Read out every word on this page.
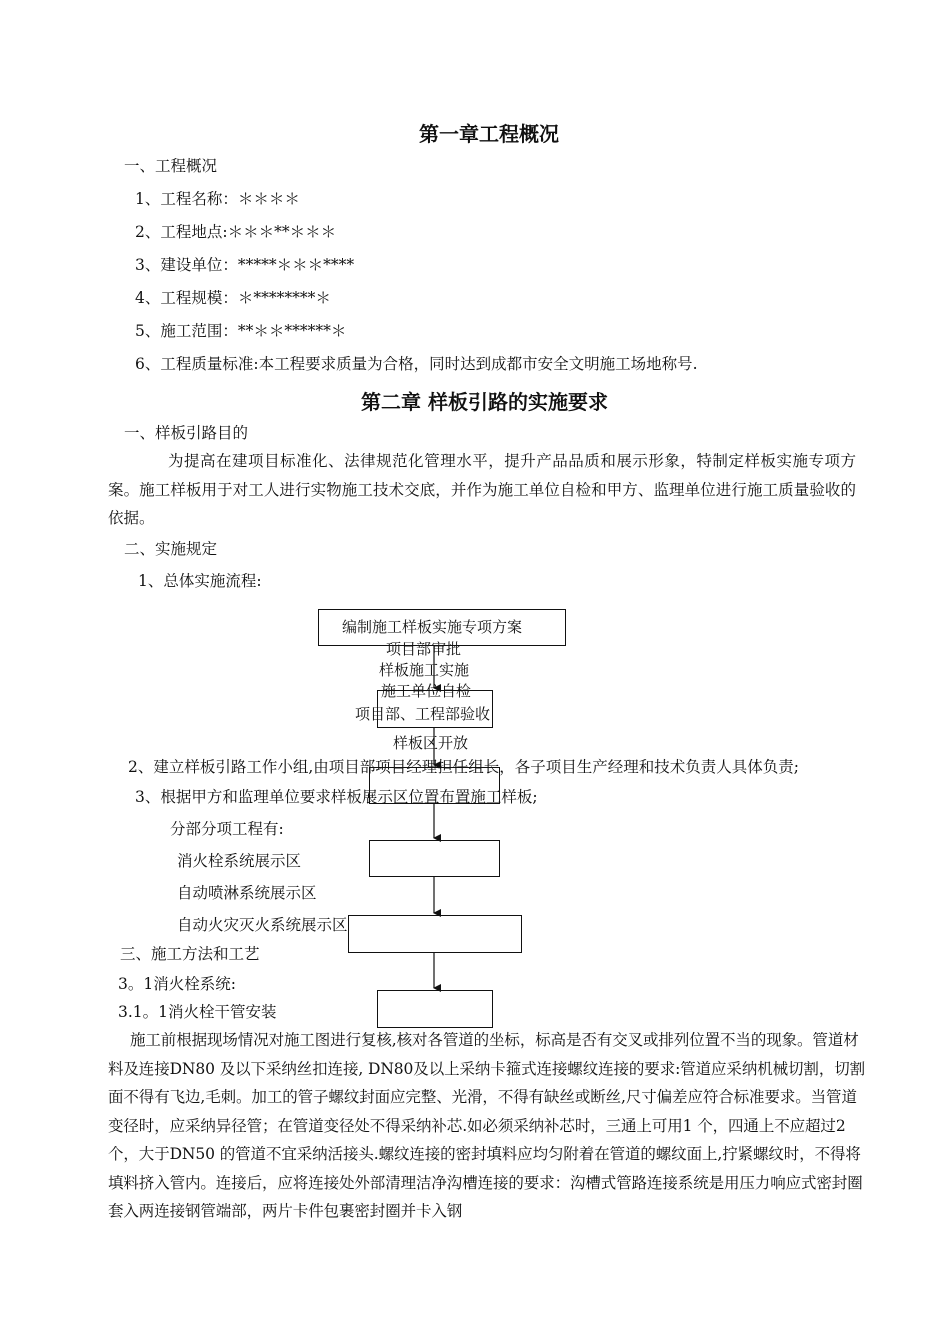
第一章工程概况
一、工程概况
1、工程名称：＊＊＊＊
2、工程地点:＊＊＊**＊＊＊
3、建设单位：*****＊＊＊****
4、工程规模：＊********＊
5、施工范围：**＊＊******＊
6、工程质量标准:本工程要求质量为合格，同时达到成都市安全文明施工场地称号.
第二章 样板引路的实施要求
一、样板引路目的
为提高在建项目标准化、法律规范化管理水平，提升产品品质和展示形象，特制定样板实施专项方案。施工样板用于对工人进行实物施工技术交底，并作为施工单位自检和甲方、监理单位进行施工质量验收的依据。
二、实施规定
1、总体实施流程:
编制施工样板实施专项方案
项目部审批
样板施工实施
施工单位自检
项目部、工程部验收
样板区开放
2、建立样板引路工作小组,由项目部项目经理担任组长，各子项目生产经理和技术负责人具体负责;
3、根据甲方和监理单位要求样板展示区位置布置施工样板;
分部分项工程有:
消火栓系统展示区
自动喷淋系统展示区
自动火灾灭火系统展示区
三、施工方法和工艺
3。1消火栓系统:
3.1。1消火栓干管安装
施工前根据现场情况对施工图进行复核,核对各管道的坐标，标高是否有交叉或排列位置不当的现象。管道材料及连接DN80 及以下采纳丝扣连接, DN80及以上采纳卡箍式连接螺纹连接的要求:管道应采纳机械切割，切割面不得有飞边,毛刺。加工的管子螺纹封面应完整、光滑，不得有缺丝或断丝,尺寸偏差应符合标准要求。当管道变径时，应采纳异径管；在管道变径处不得采纳补芯.如必须采纳补芯时，三通上可用1 个，四通上不应超过2 个，大于DN50 的管道不宜采纳活接头.螺纹连接的密封填料应均匀附着在管道的螺纹面上,拧紧螺纹时，不得将填料挤入管内。连接后，应将连接处外部清理洁净沟槽连接的要求：沟槽式管路连接系统是用压力响应式密封圈套入两连接钢管端部，两片卡件包裹密封圈并卡入钢
